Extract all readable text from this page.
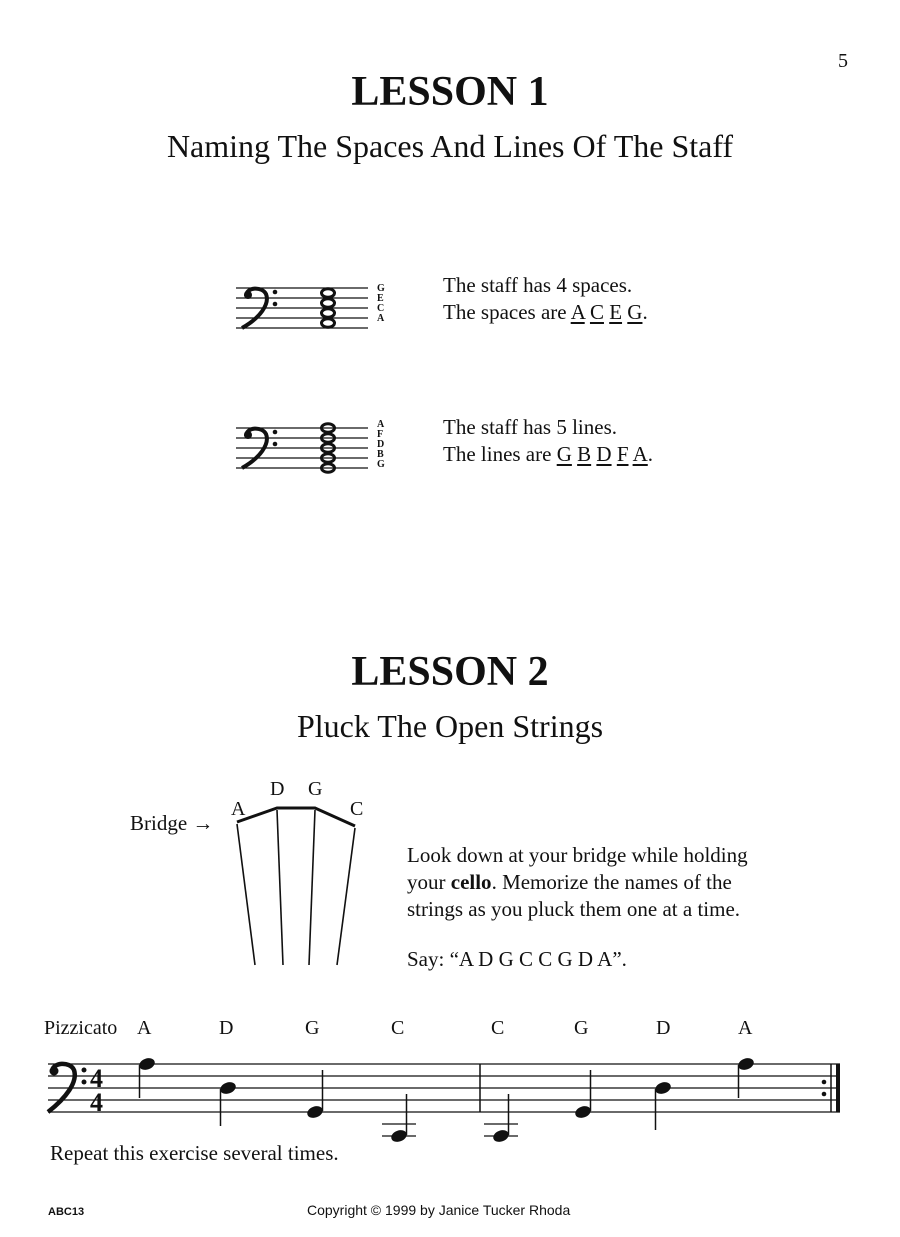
5
LESSON 1
Naming The Spaces And Lines Of The Staff
G
E
C
A
The staff has 4 spaces.
The spaces are A C E G.
A
F
D
B
G
The staff has 5 lines.
The lines are G B D F A.
LESSON 2
Pluck The Open Strings
Bridge →
A
D G
C
Look down at your bridge while holding
your cello. Memorize the names of the
strings as you pluck them one at a time.
Say: “A D G C C G D A”.
Pizzicato A	D	G	C	C	G	D	A
4
4
Repeat this exercise several times.
ABC13	Copyright © 1999 by Janice Tucker Rhoda
